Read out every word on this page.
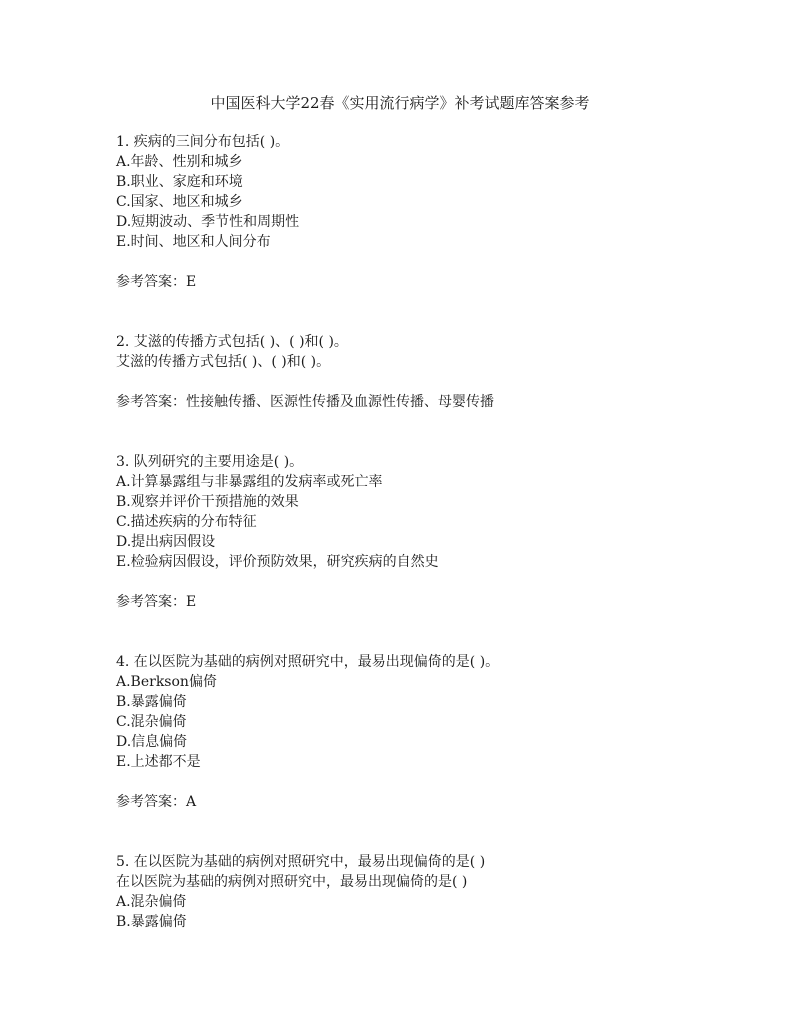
中国医科大学22春《实用流行病学》补考试题库答案参考
1. 疾病的三间分布包括( )。
A.年龄、性别和城乡
B.职业、家庭和环境
C.国家、地区和城乡
D.短期波动、季节性和周期性
E.时间、地区和人间分布
参考答案：E
2. 艾滋的传播方式包括( )、( )和( )。
艾滋的传播方式包括( )、( )和( )。
参考答案：性接触传播、医源性传播及血源性传播、母婴传播
3. 队列研究的主要用途是( )。
A.计算暴露组与非暴露组的发病率或死亡率
B.观察并评价干预措施的效果
C.描述疾病的分布特征
D.提出病因假设
E.检验病因假设，评价预防效果，研究疾病的自然史
参考答案：E
4. 在以医院为基础的病例对照研究中，最易出现偏倚的是( )。
A.Berkson偏倚
B.暴露偏倚
C.混杂偏倚
D.信息偏倚
E.上述都不是
参考答案：A
5. 在以医院为基础的病例对照研究中，最易出现偏倚的是( )
在以医院为基础的病例对照研究中，最易出现偏倚的是( )
A.混杂偏倚
B.暴露偏倚
